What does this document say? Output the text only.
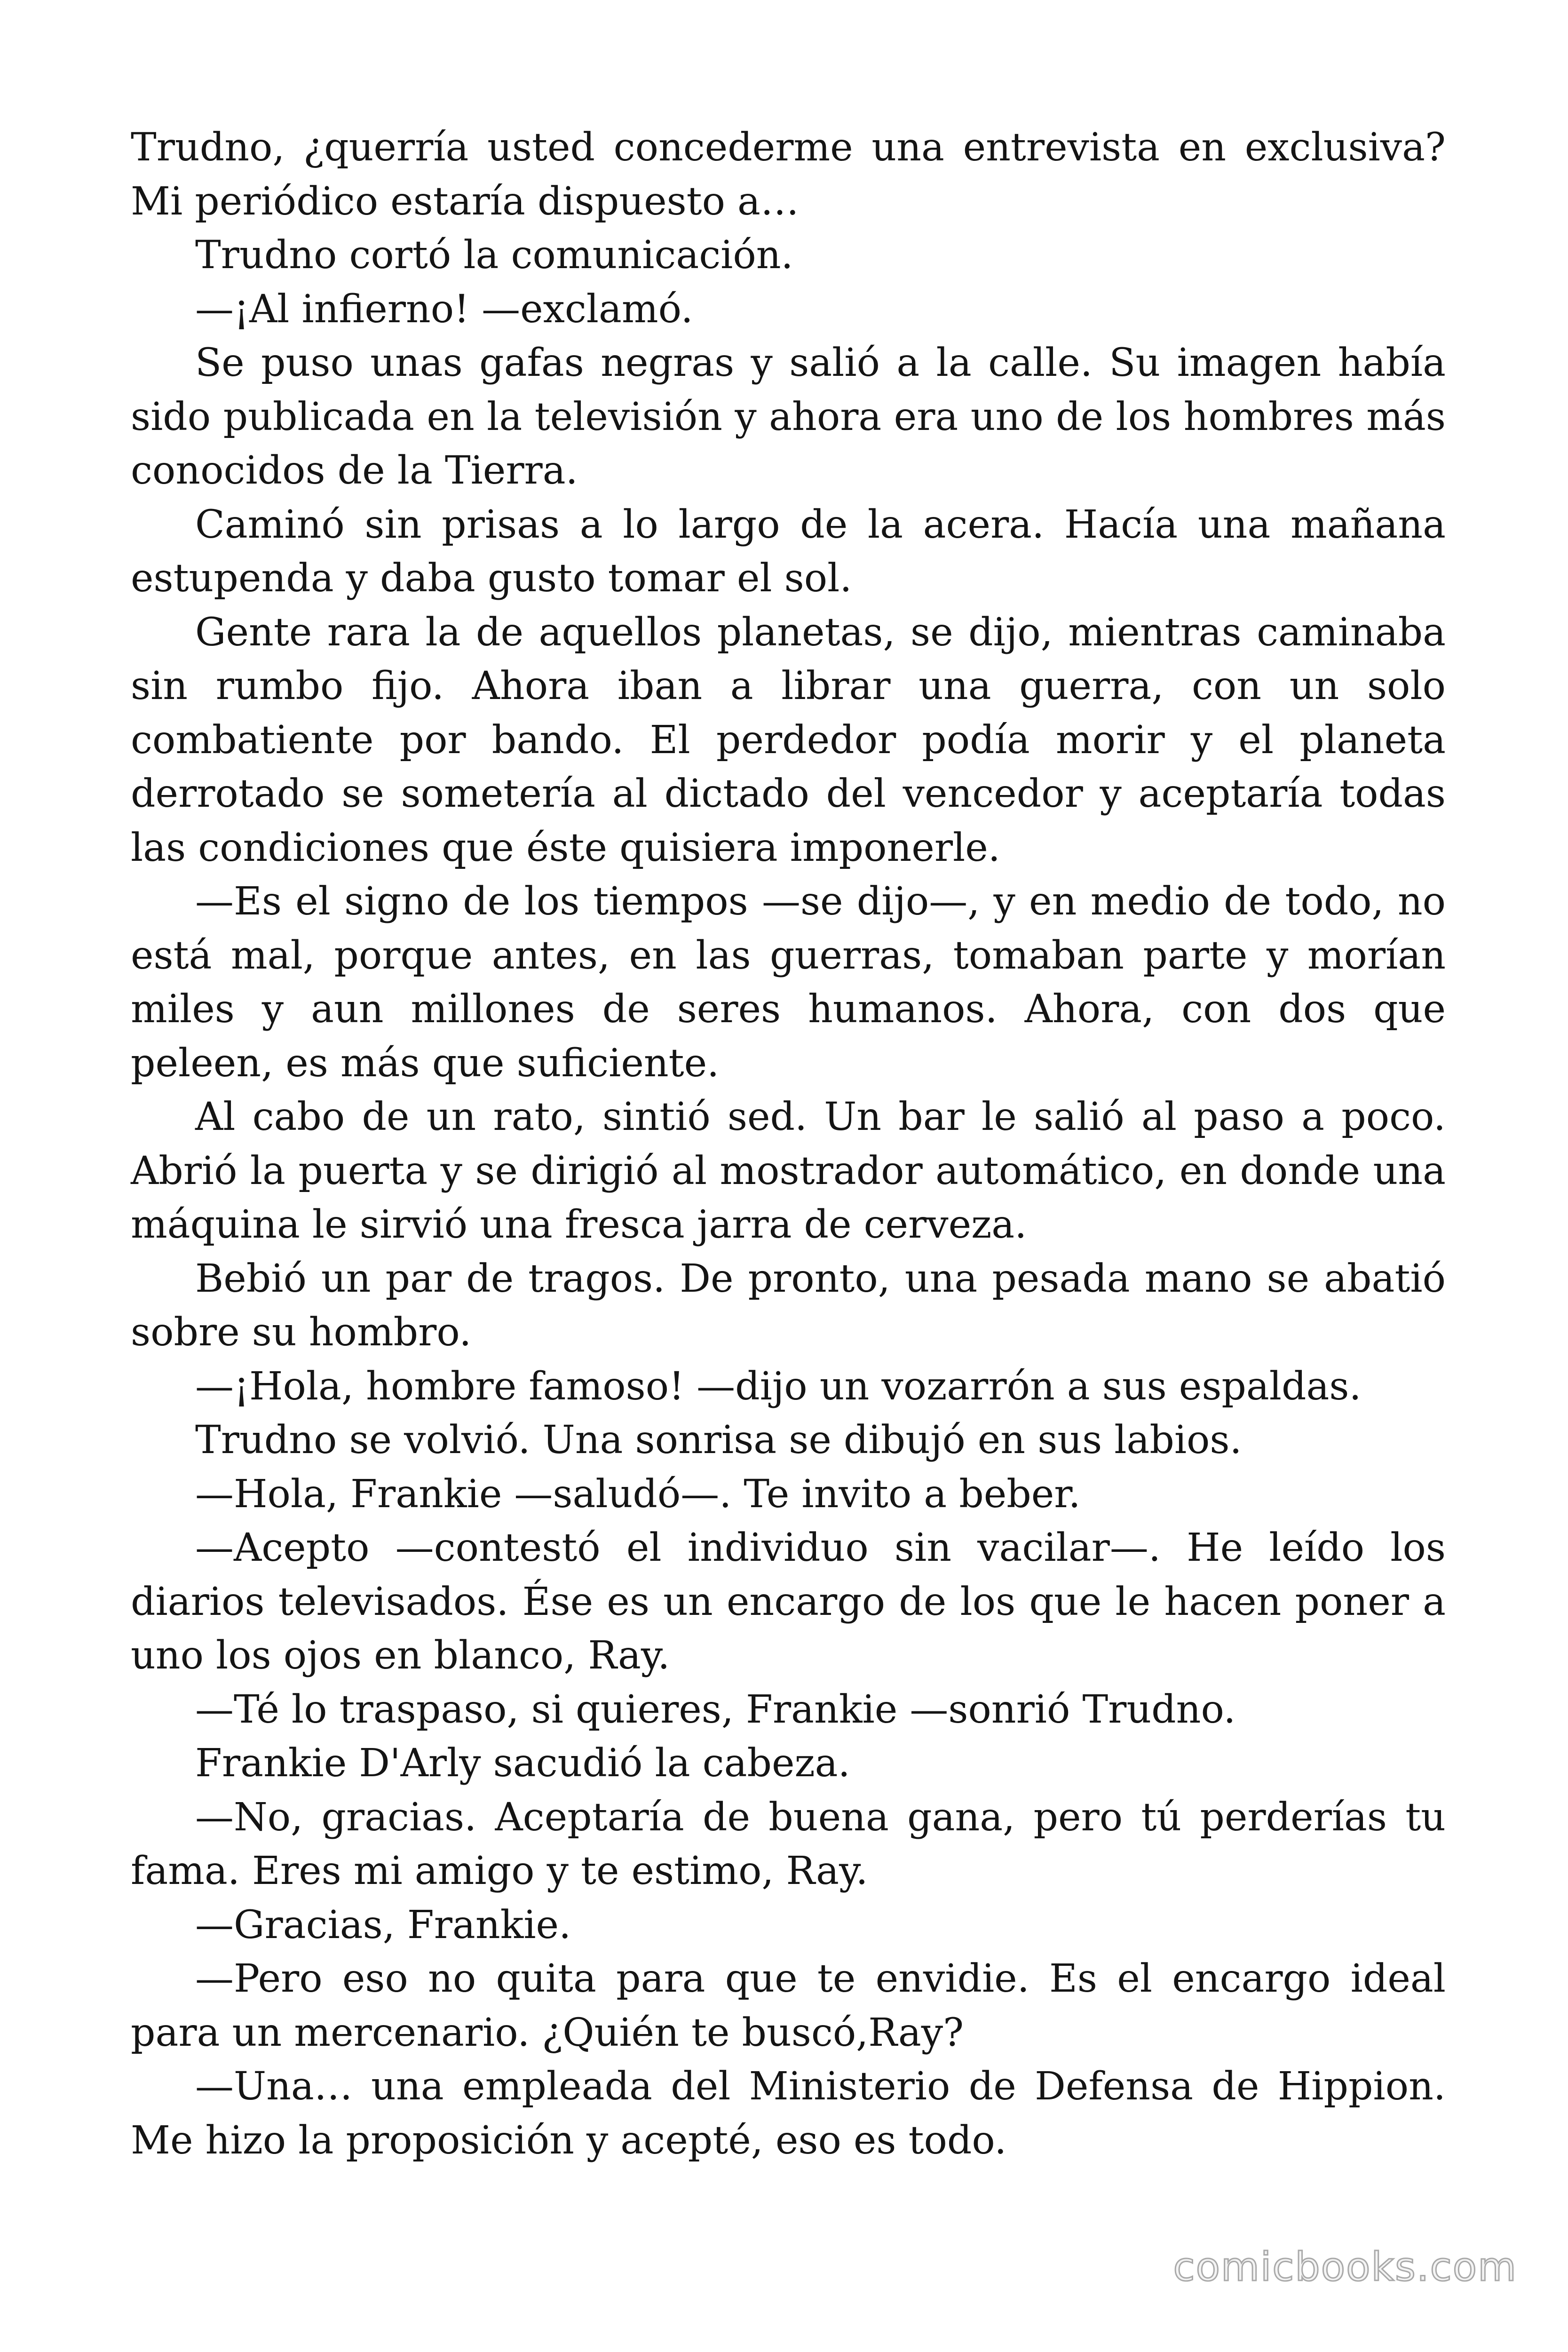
Trudno, ¿querría usted concederme una entrevista en exclusiva? Mi periódico estaría dispuesto a…

Trudno cortó la comunicación.

—¡Al infierno! —exclamó.

Se puso unas gafas negras y salió a la calle. Su imagen había sido publicada en la televisión y ahora era uno de los hombres más conocidos de la Tierra.

Caminó sin prisas a lo largo de la acera. Hacía una mañana estupenda y daba gusto tomar el sol.

Gente rara la de aquellos planetas, se dijo, mientras caminaba sin rumbo fijo. Ahora iban a librar una guerra, con un solo combatiente por bando. El perdedor podía morir y el planeta derrotado se sometería al dictado del vencedor y aceptaría todas las condiciones que éste quisiera imponerle.

—Es el signo de los tiempos —se dijo—, y en medio de todo, no está mal, porque antes, en las guerras, tomaban parte y morían miles y aun millones de seres humanos. Ahora, con dos que peleen, es más que suficiente.

Al cabo de un rato, sintió sed. Un bar le salió al paso a poco. Abrió la puerta y se dirigió al mostrador automático, en donde una máquina le sirvió una fresca jarra de cerveza.

Bebió un par de tragos. De pronto, una pesada mano se abatió sobre su hombro.

—¡Hola, hombre famoso! —dijo un vozarrón a sus espaldas.

Trudno se volvió. Una sonrisa se dibujó en sus labios.

—Hola, Frankie —saludó—. Te invito a beber.

—Acepto —contestó el individuo sin vacilar—. He leído los diarios televisados. Ése es un encargo de los que le hacen poner a uno los ojos en blanco, Ray.

—Té lo traspaso, si quieres, Frankie —sonrió Trudno.

Frankie D'Arly sacudió la cabeza.

—No, gracias. Aceptaría de buena gana, pero tú perderías tu fama. Eres mi amigo y te estimo, Ray.

—Gracias, Frankie.

—Pero eso no quita para que te envidie. Es el encargo ideal para un mercenario. ¿Quién te buscó,Ray?

—Una… una empleada del Ministerio de Defensa de Hippion. Me hizo la proposición y acepté, eso es todo.

comicbooks.com
